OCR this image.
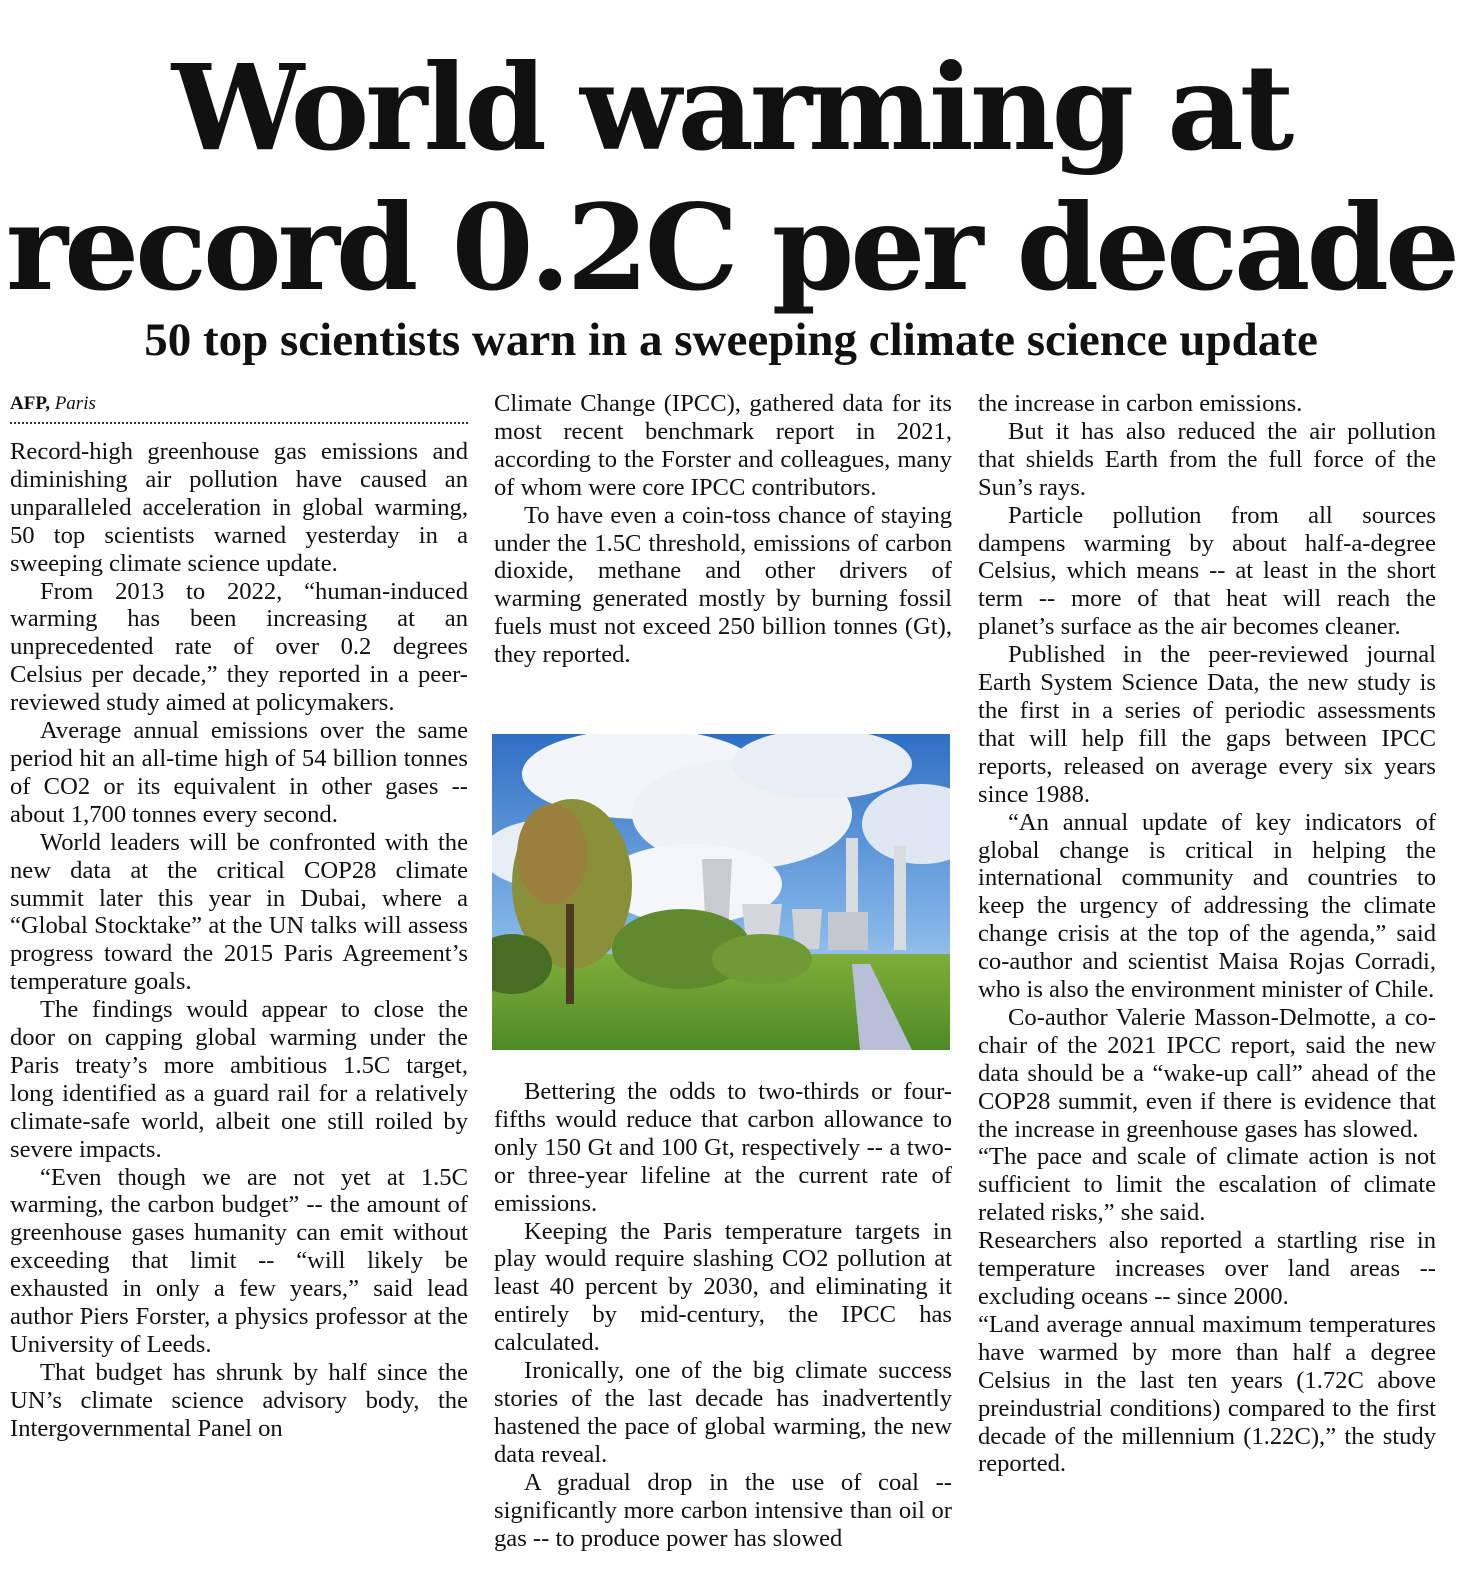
World warming at
record 0.2C per decade
50 top scientists warn in a sweeping climate science update
AFP, Paris

Record-high greenhouse gas emissions and diminishing air pollution have caused an unparalleled acceleration in global warming, 50 top scientists warned yesterday in a sweeping climate science update.

From 2013 to 2022, “human-induced warming has been increasing at an unprecedented rate of over 0.2 degrees Celsius per decade,” they reported in a peer-reviewed study aimed at policymakers.

Average annual emissions over the same period hit an all-time high of 54 billion tonnes of CO2 or its equivalent in other gases -- about 1,700 tonnes every second.

World leaders will be confronted with the new data at the critical COP28 climate summit later this year in Dubai, where a “Global Stocktake” at the UN talks will assess progress toward the 2015 Paris Agreement’s temperature goals.

The findings would appear to close the door on capping global warming under the Paris treaty’s more ambitious 1.5C target, long identified as a guard rail for a relatively climate-safe world, albeit one still roiled by severe impacts.

“Even though we are not yet at 1.5C warming, the carbon budget” -- the amount of greenhouse gases humanity can emit without exceeding that limit -- “will likely be exhausted in only a few years,” said lead author Piers Forster, a physics professor at the University of Leeds.

That budget has shrunk by half since the UN’s climate science advisory body, the Intergovernmental Panel on

Climate Change (IPCC), gathered data for its most recent benchmark report in 2021, according to the Forster and colleagues, many of whom were core IPCC contributors.

To have even a coin-toss chance of staying under the 1.5C threshold, emissions of carbon dioxide, methane and other drivers of warming generated mostly by burning fossil fuels must not exceed 250 billion tonnes (Gt), they reported.

Bettering the odds to two-thirds or four-fifths would reduce that carbon allowance to only 150 Gt and 100 Gt, respectively -- a two- or three-year lifeline at the current rate of emissions.

Keeping the Paris temperature targets in play would require slashing CO2 pollution at least 40 percent by 2030, and eliminating it entirely by mid-century, the IPCC has calculated.

Ironically, one of the big climate success stories of the last decade has inadvertently hastened the pace of global warming, the new data reveal.

A gradual drop in the use of coal -- significantly more carbon intensive than oil or gas -- to produce power has slowed

the increase in carbon emissions.

But it has also reduced the air pollution that shields Earth from the full force of the Sun’s rays.

Particle pollution from all sources dampens warming by about half-a-degree Celsius, which means -- at least in the short term -- more of that heat will reach the planet’s surface as the air becomes cleaner.

Published in the peer-reviewed journal Earth System Science Data, the new study is the first in a series of periodic assessments that will help fill the gaps between IPCC reports, released on average every six years since 1988.

“An annual update of key indicators of global change is critical in helping the international community and countries to keep the urgency of addressing the climate change crisis at the top of the agenda,” said co-author and scientist Maisa Rojas Corradi, who is also the environment minister of Chile.

Co-author Valerie Masson-Delmotte, a co-chair of the 2021 IPCC report, said the new data should be a “wake-up call” ahead of the COP28 summit, even if there is evidence that the increase in greenhouse gases has slowed.

“The pace and scale of climate action is not sufficient to limit the escalation of climate related risks,” she said.

Researchers also reported a startling rise in temperature increases over land areas -- excluding oceans -- since 2000.

“Land average annual maximum temperatures have warmed by more than half a degree Celsius in the last ten years (1.72C above preindustrial conditions) compared to the first decade of the millennium (1.22C),” the study reported.
